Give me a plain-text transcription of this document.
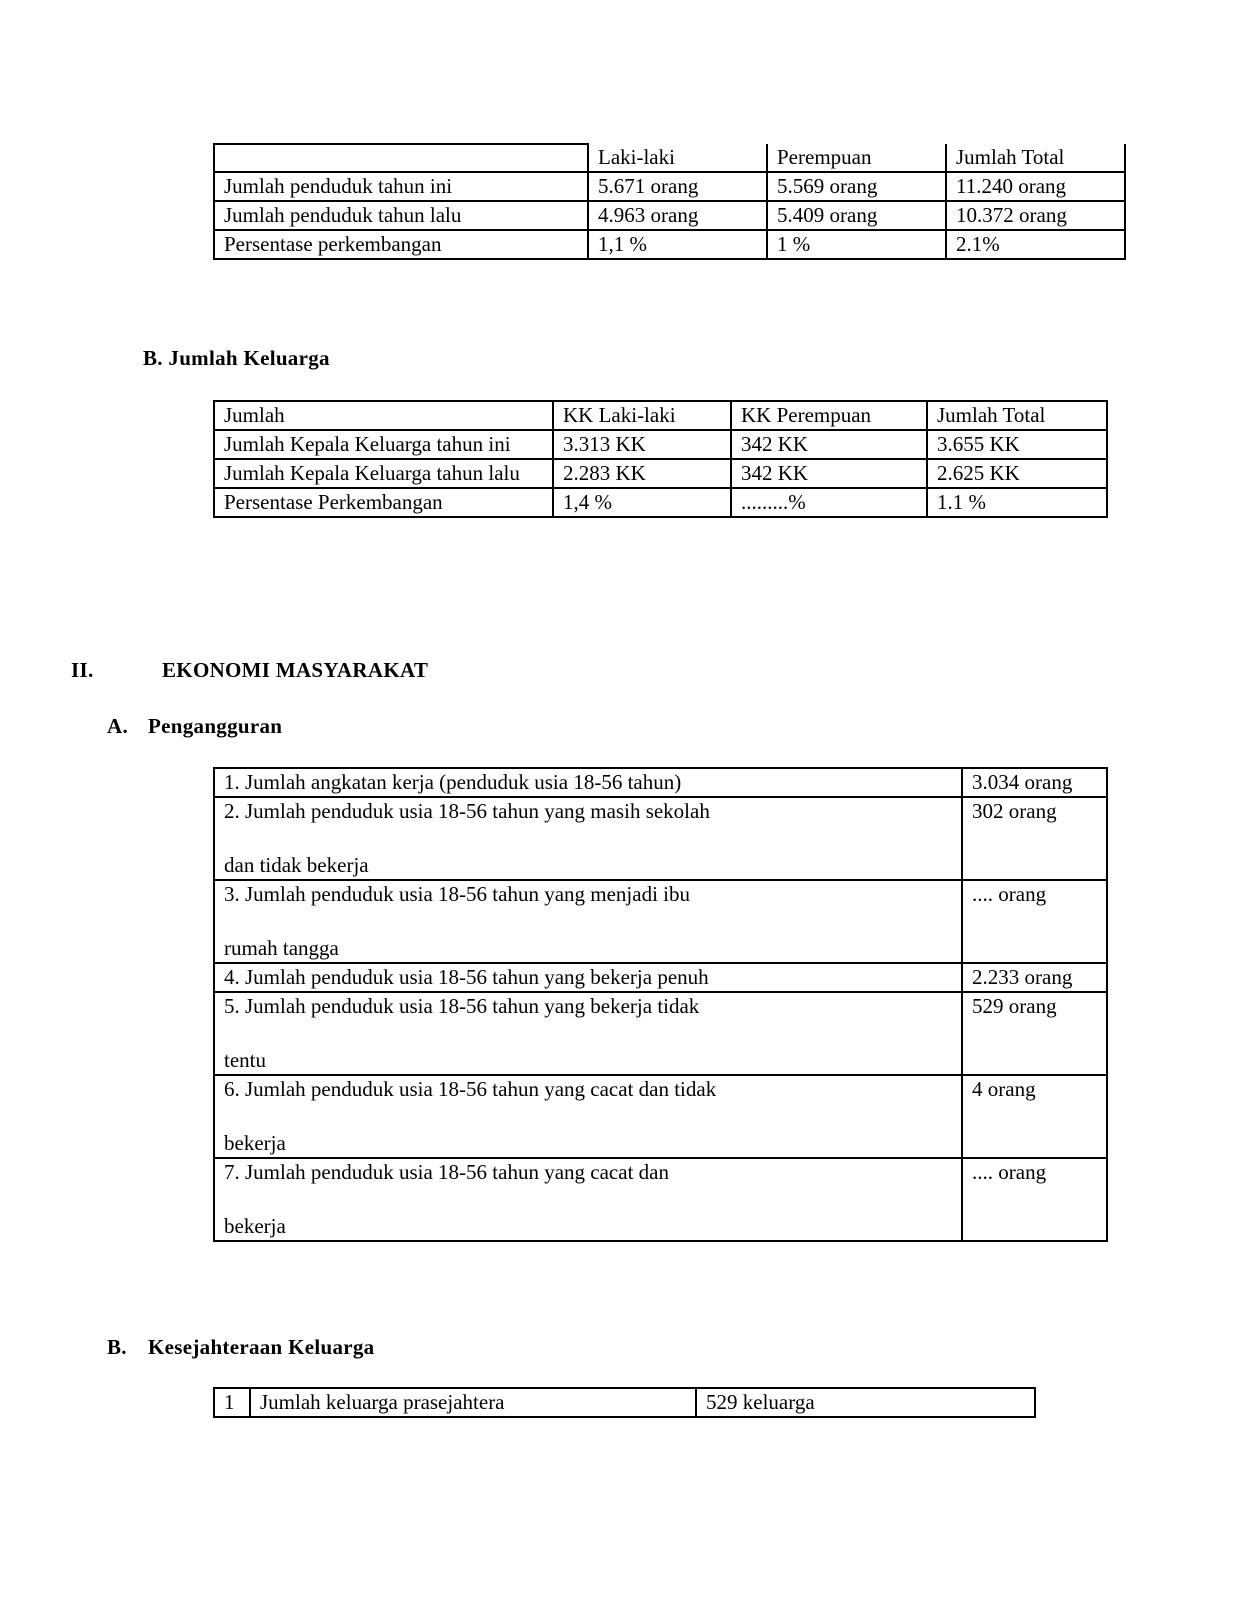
	Laki-laki	Perempuan	Jumlah Total
Jumlah penduduk tahun ini	5.671 orang	5.569 orang	11.240 orang
Jumlah penduduk tahun lalu	4.963 orang	5.409 orang	10.372 orang
Persentase perkembangan	1,1 %	1 %	2.1%
B. Jumlah Keluarga
Jumlah	KK Laki-laki	KK Perempuan	Jumlah Total
Jumlah Kepala Keluarga tahun ini	3.313 KK	342 KK	3.655 KK
Jumlah Kepala Keluarga tahun lalu	2.283 KK	342 KK	2.625 KK
Persentase Perkembangan	1,4 %	.........%	1.1 %
II.	EKONOMI MASYARAKAT
A. Pengangguran
1. Jumlah angkatan kerja (penduduk usia 18-56 tahun)	3.034 orang
2. Jumlah penduduk usia 18-56 tahun yang masih sekolah
dan tidak bekerja	302 orang
3. Jumlah penduduk usia 18-56 tahun yang menjadi ibu
rumah tangga	.... orang
4. Jumlah penduduk usia 18-56 tahun yang bekerja penuh	2.233 orang
5. Jumlah penduduk usia 18-56 tahun yang bekerja tidak
tentu	529 orang
6. Jumlah penduduk usia 18-56 tahun yang cacat dan tidak
bekerja	4 orang
7. Jumlah penduduk usia 18-56 tahun yang cacat dan
bekerja	.... orang
B. Kesejahteraan Keluarga
1	Jumlah keluarga prasejahtera	529 keluarga
